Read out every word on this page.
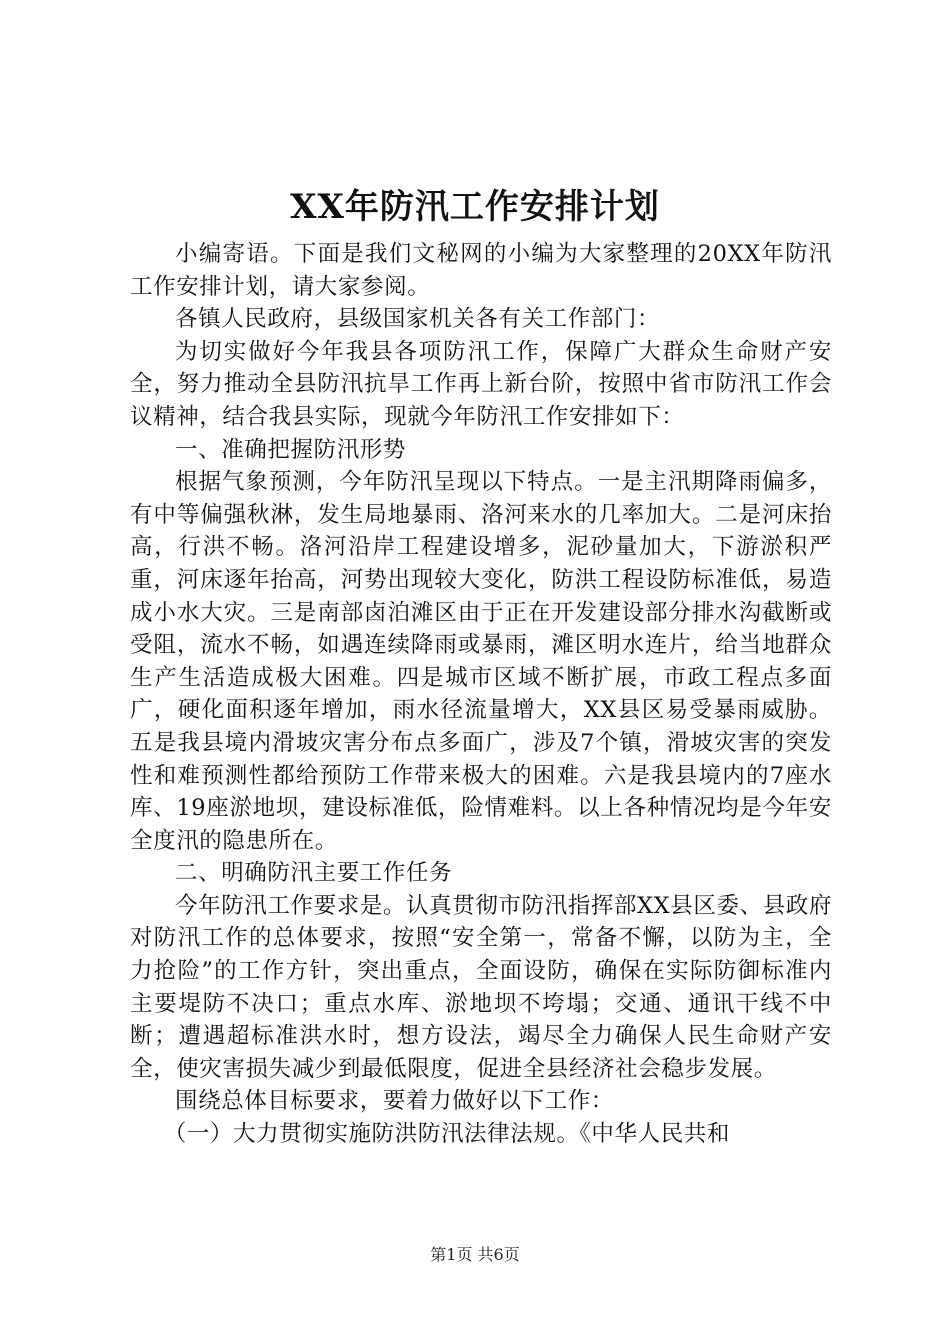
XX年防汛工作安排计划

小编寄语。下面是我们文秘网的小编为大家整理的20XX年防汛工作安排计划，请大家参阅。

各镇人民政府，县级国家机关各有关工作部门：

为切实做好今年我县各项防汛工作，保障广大群众生命财产安全，努力推动全县防汛抗旱工作再上新台阶，按照中省市防汛工作会议精神，结合我县实际，现就今年防汛工作安排如下：

一、准确把握防汛形势

根据气象预测，今年防汛呈现以下特点。一是主汛期降雨偏多，有中等偏强秋淋，发生局地暴雨、洛河来水的几率加大。二是河床抬高，行洪不畅。洛河沿岸工程建设增多，泥砂量加大，下游淤积严重，河床逐年抬高，河势出现较大变化，防洪工程设防标准低，易造成小水大灾。三是南部卤泊滩区由于正在开发建设部分排水沟截断或受阻，流水不畅，如遇连续降雨或暴雨，滩区明水连片，给当地群众生产生活造成极大困难。四是城市区域不断扩展，市政工程点多面广，硬化面积逐年增加，雨水径流量增大，XX县区易受暴雨威胁。五是我县境内滑坡灾害分布点多面广，涉及7个镇，滑坡灾害的突发性和难预测性都给预防工作带来极大的困难。六是我县境内的7座水库、19座淤地坝，建设标准低，险情难料。以上各种情况均是今年安全度汛的隐患所在。

二、明确防汛主要工作任务

今年防汛工作要求是。认真贯彻市防汛指挥部XX县区委、县政府对防汛工作的总体要求，按照“安全第一，常备不懈，以防为主，全力抢险”的工作方针，突出重点，全面设防，确保在实际防御标准内主要堤防不决口；重点水库、淤地坝不垮塌；交通、通讯干线不中断；遭遇超标准洪水时，想方设法，竭尽全力确保人民生命财产安全，使灾害损失减少到最低限度，促进全县经济社会稳步发展。

围绕总体目标要求，要着力做好以下工作：

（一）大力贯彻实施防洪防汛法律法规。《中华人民共和

第1页 共6页
